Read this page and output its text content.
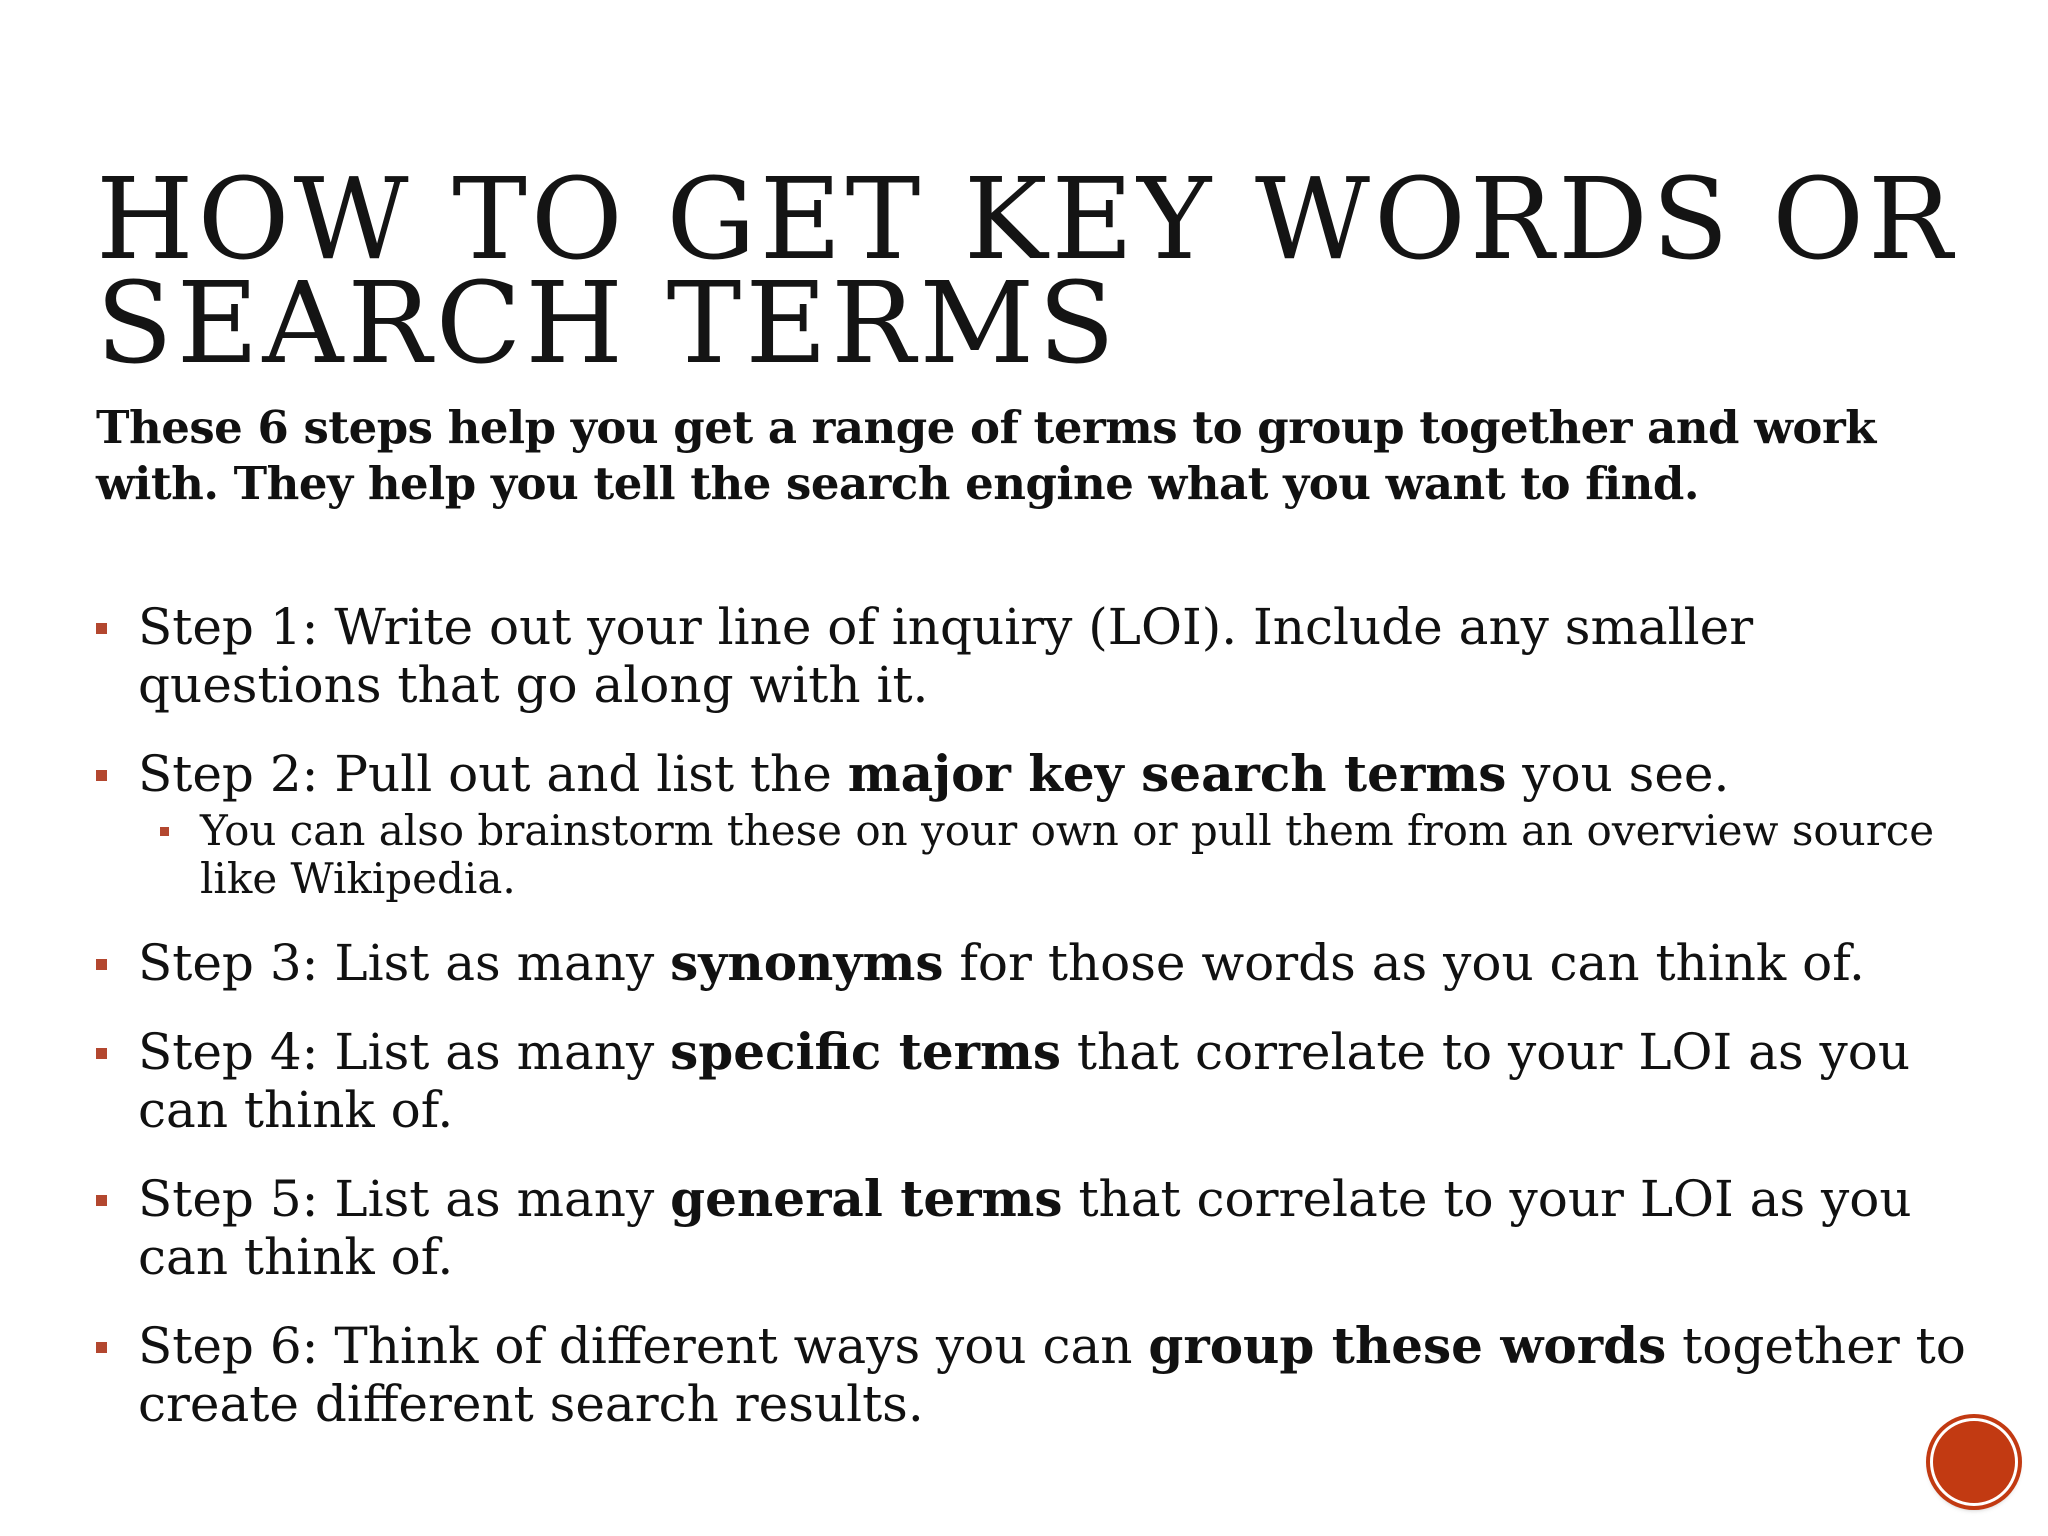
HOW TO GET KEY WORDS OR SEARCH TERMS

These 6 steps help you get a range of terms to group together and work with. They help you tell the search engine what you want to find.

Step 1: Write out your line of inquiry (LOI). Include any smaller questions that go along with it.
Step 2: Pull out and list the major key search terms you see.
You can also brainstorm these on your own or pull them from an overview source like Wikipedia.
Step 3: List as many synonyms for those words as you can think of.
Step 4: List as many specific terms that correlate to your LOI as you can think of.
Step 5: List as many general terms that correlate to your LOI as you can think of.
Step 6: Think of different ways you can group these words together to create different search results.
